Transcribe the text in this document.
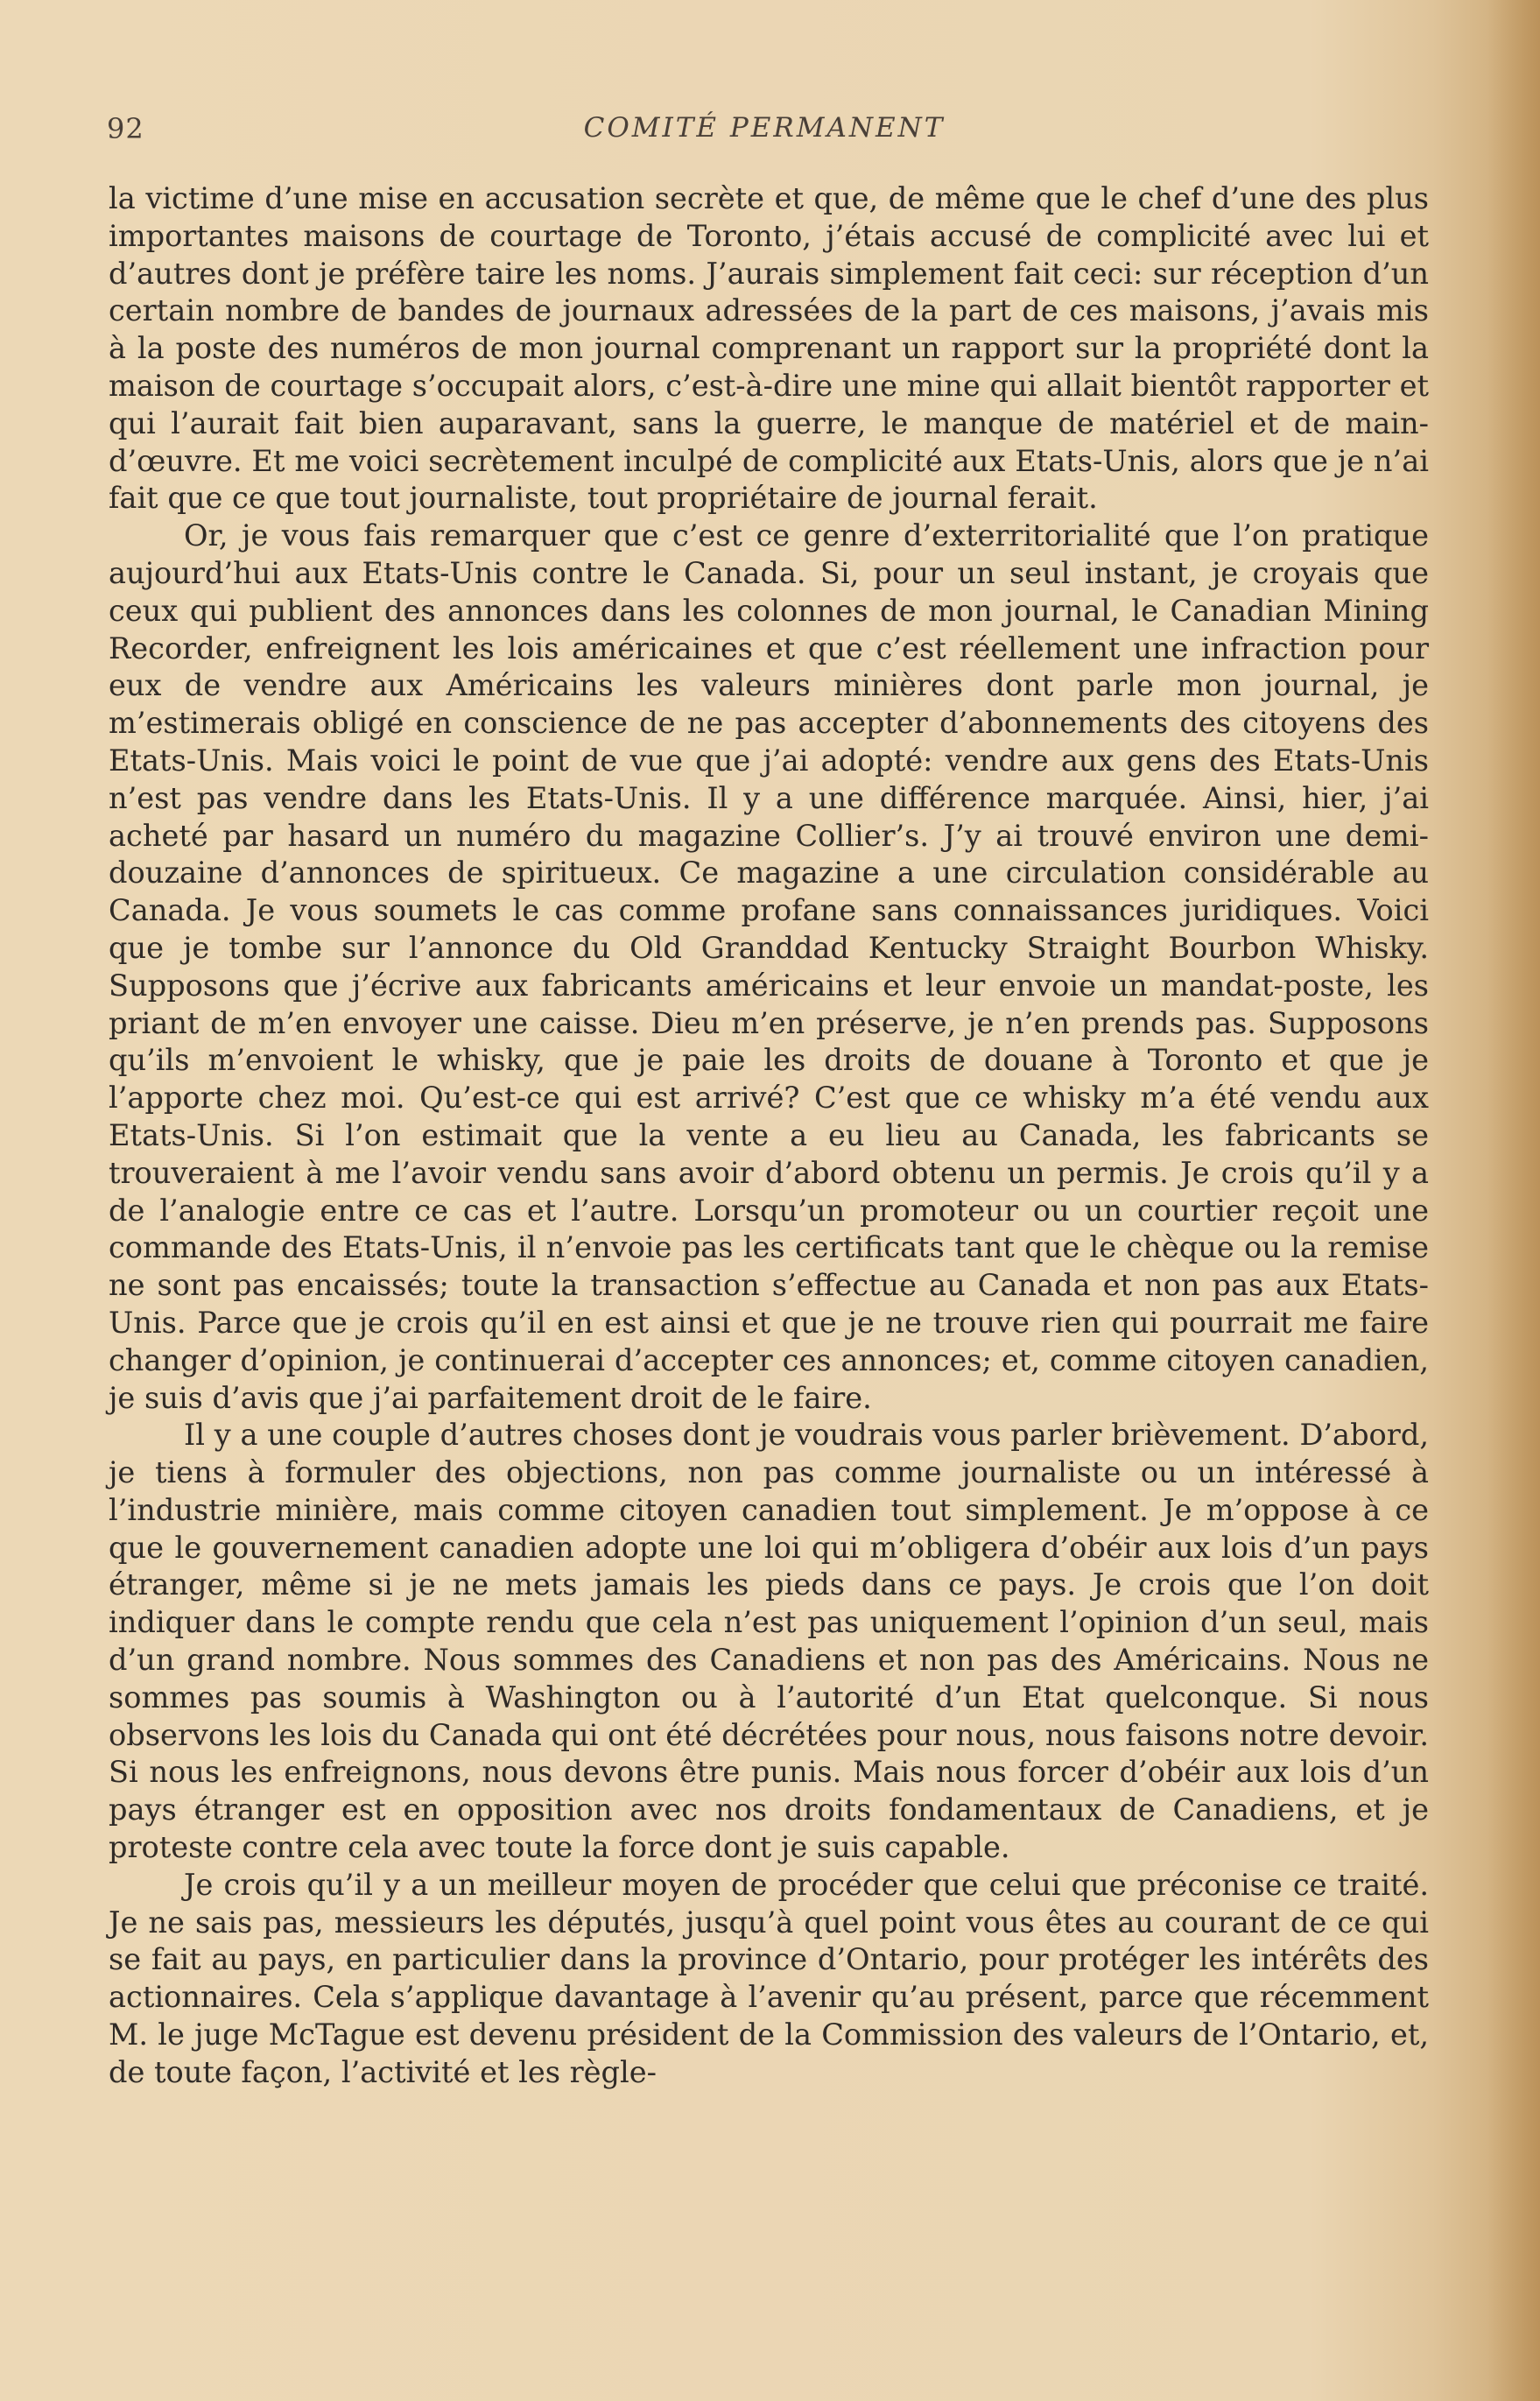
92	COMITÉ PERMANENT

la victime d’une mise en accusation secrète et que, de même que le chef d’une des plus importantes maisons de courtage de Toronto, j’étais accusé de complicité avec lui et d’autres dont je préfère taire les noms. J’aurais simplement fait ceci: sur réception d’un certain nombre de bandes de journaux adressées de la part de ces maisons, j’avais mis à la poste des numéros de mon journal comprenant un rapport sur la propriété dont la maison de courtage s’occupait alors, c’est-à-dire une mine qui allait bientôt rapporter et qui l’aurait fait bien auparavant, sans la guerre, le manque de matériel et de main-d’œuvre. Et me voici secrètement inculpé de complicité aux Etats-Unis, alors que je n’ai fait que ce que tout journaliste, tout propriétaire de journal ferait.

Or, je vous fais remarquer que c’est ce genre d’exterritorialité que l’on pratique aujourd’hui aux Etats-Unis contre le Canada. Si, pour un seul instant, je croyais que ceux qui publient des annonces dans les colonnes de mon journal, le Canadian Mining Recorder, enfreignent les lois américaines et que c’est réellement une infraction pour eux de vendre aux Américains les valeurs minières dont parle mon journal, je m’estimerais obligé en conscience de ne pas accepter d’abonnements des citoyens des Etats-Unis. Mais voici le point de vue que j’ai adopté: vendre aux gens des Etats-Unis n’est pas vendre dans les Etats-Unis. Il y a une différence marquée. Ainsi, hier, j’ai acheté par hasard un numéro du magazine Collier’s. J’y ai trouvé environ une demi-douzaine d’annonces de spiritueux. Ce magazine a une circulation considérable au Canada. Je vous soumets le cas comme profane sans connaissances juridiques. Voici que je tombe sur l’annonce du Old Granddad Kentucky Straight Bourbon Whisky. Supposons que j’écrive aux fabricants américains et leur envoie un mandat-poste, les priant de m’en envoyer une caisse. Dieu m’en préserve, je n’en prends pas. Supposons qu’ils m’envoient le whisky, que je paie les droits de douane à Toronto et que je l’apporte chez moi. Qu’est-ce qui est arrivé? C’est que ce whisky m’a été vendu aux Etats-Unis. Si l’on estimait que la vente a eu lieu au Canada, les fabricants se trouveraient à me l’avoir vendu sans avoir d’abord obtenu un permis. Je crois qu’il y a de l’analogie entre ce cas et l’autre. Lorsqu’un promoteur ou un courtier reçoit une commande des Etats-Unis, il n’envoie pas les certificats tant que le chèque ou la remise ne sont pas encaissés; toute la transaction s’effectue au Canada et non pas aux Etats-Unis. Parce que je crois qu’il en est ainsi et que je ne trouve rien qui pourrait me faire changer d’opinion, je continuerai d’accepter ces annonces; et, comme citoyen canadien, je suis d’avis que j’ai parfaitement droit de le faire.

Il y a une couple d’autres choses dont je voudrais vous parler brièvement. D’abord, je tiens à formuler des objections, non pas comme journaliste ou un intéressé à l’industrie minière, mais comme citoyen canadien tout simplement. Je m’oppose à ce que le gouvernement canadien adopte une loi qui m’obligera d’obéir aux lois d’un pays étranger, même si je ne mets jamais les pieds dans ce pays. Je crois que l’on doit indiquer dans le compte rendu que cela n’est pas uniquement l’opinion d’un seul, mais d’un grand nombre. Nous sommes des Canadiens et non pas des Américains. Nous ne sommes pas soumis à Washington ou à l’autorité d’un Etat quelconque. Si nous observons les lois du Canada qui ont été décrétées pour nous, nous faisons notre devoir. Si nous les enfreignons, nous devons être punis. Mais nous forcer d’obéir aux lois d’un pays étranger est en opposition avec nos droits fondamentaux de Canadiens, et je proteste contre cela avec toute la force dont je suis capable.

Je crois qu’il y a un meilleur moyen de procéder que celui que préconise ce traité. Je ne sais pas, messieurs les députés, jusqu’à quel point vous êtes au courant de ce qui se fait au pays, en particulier dans la province d’Ontario, pour protéger les intérêts des actionnaires. Cela s’applique davantage à l’avenir qu’au présent, parce que récemment M. le juge McTague est devenu président de la Commission des valeurs de l’Ontario, et, de toute façon, l’activité et les règle-
